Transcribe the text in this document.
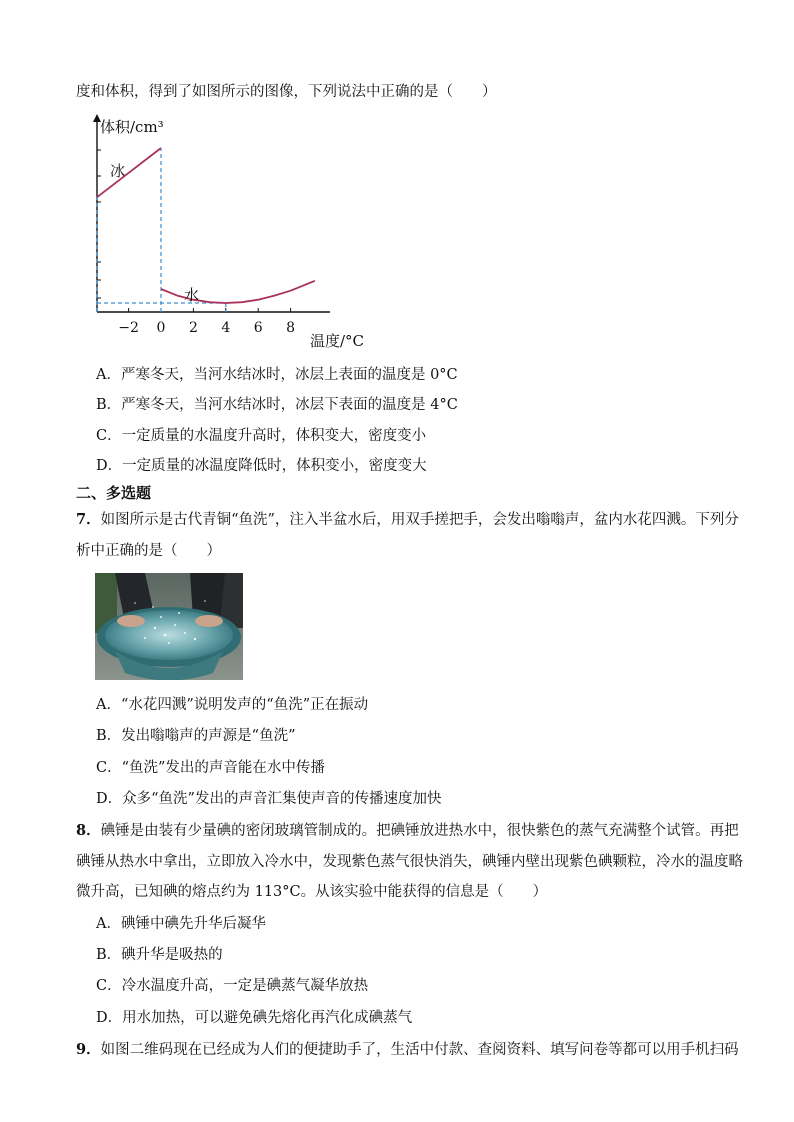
度和体积，得到了如图所示的图像，下列说法中正确的是（　　）
−2 0 2 4 6 8
体积/cm³
温度/°C
冰
水
A．严寒冬天，当河水结冰时，冰层上表面的温度是 0°C
B．严寒冬天，当河水结冰时，冰层下表面的温度是 4°C
C．一定质量的水温度升高时，体积变大，密度变小
D．一定质量的冰温度降低时，体积变小，密度变大
二、多选题
7．如图所示是古代青铜“鱼洗”，注入半盆水后，用双手搓把手，会发出嗡嗡声，盆内水花四溅。下列分
析中正确的是（　　）
A．“水花四溅”说明发声的“鱼洗”正在振动
B．发出嗡嗡声的声源是“鱼洗”
C．“鱼洗”发出的声音能在水中传播
D．众多“鱼洗”发出的声音汇集使声音的传播速度加快
8．碘锤是由装有少量碘的密闭玻璃管制成的。把碘锤放进热水中，很快紫色的蒸气充满整个试管。再把
碘锤从热水中拿出，立即放入冷水中，发现紫色蒸气很快消失，碘锤内壁出现紫色碘颗粒，冷水的温度略
微升高，已知碘的熔点约为 113°C。从该实验中能获得的信息是（　　）
A．碘锤中碘先升华后凝华
B．碘升华是吸热的
C．冷水温度升高，一定是碘蒸气凝华放热
D．用水加热，可以避免碘先熔化再汽化成碘蒸气
9．如图二维码现在已经成为人们的便捷助手了，生活中付款、查阅资料、填写问卷等都可以用手机扫码
